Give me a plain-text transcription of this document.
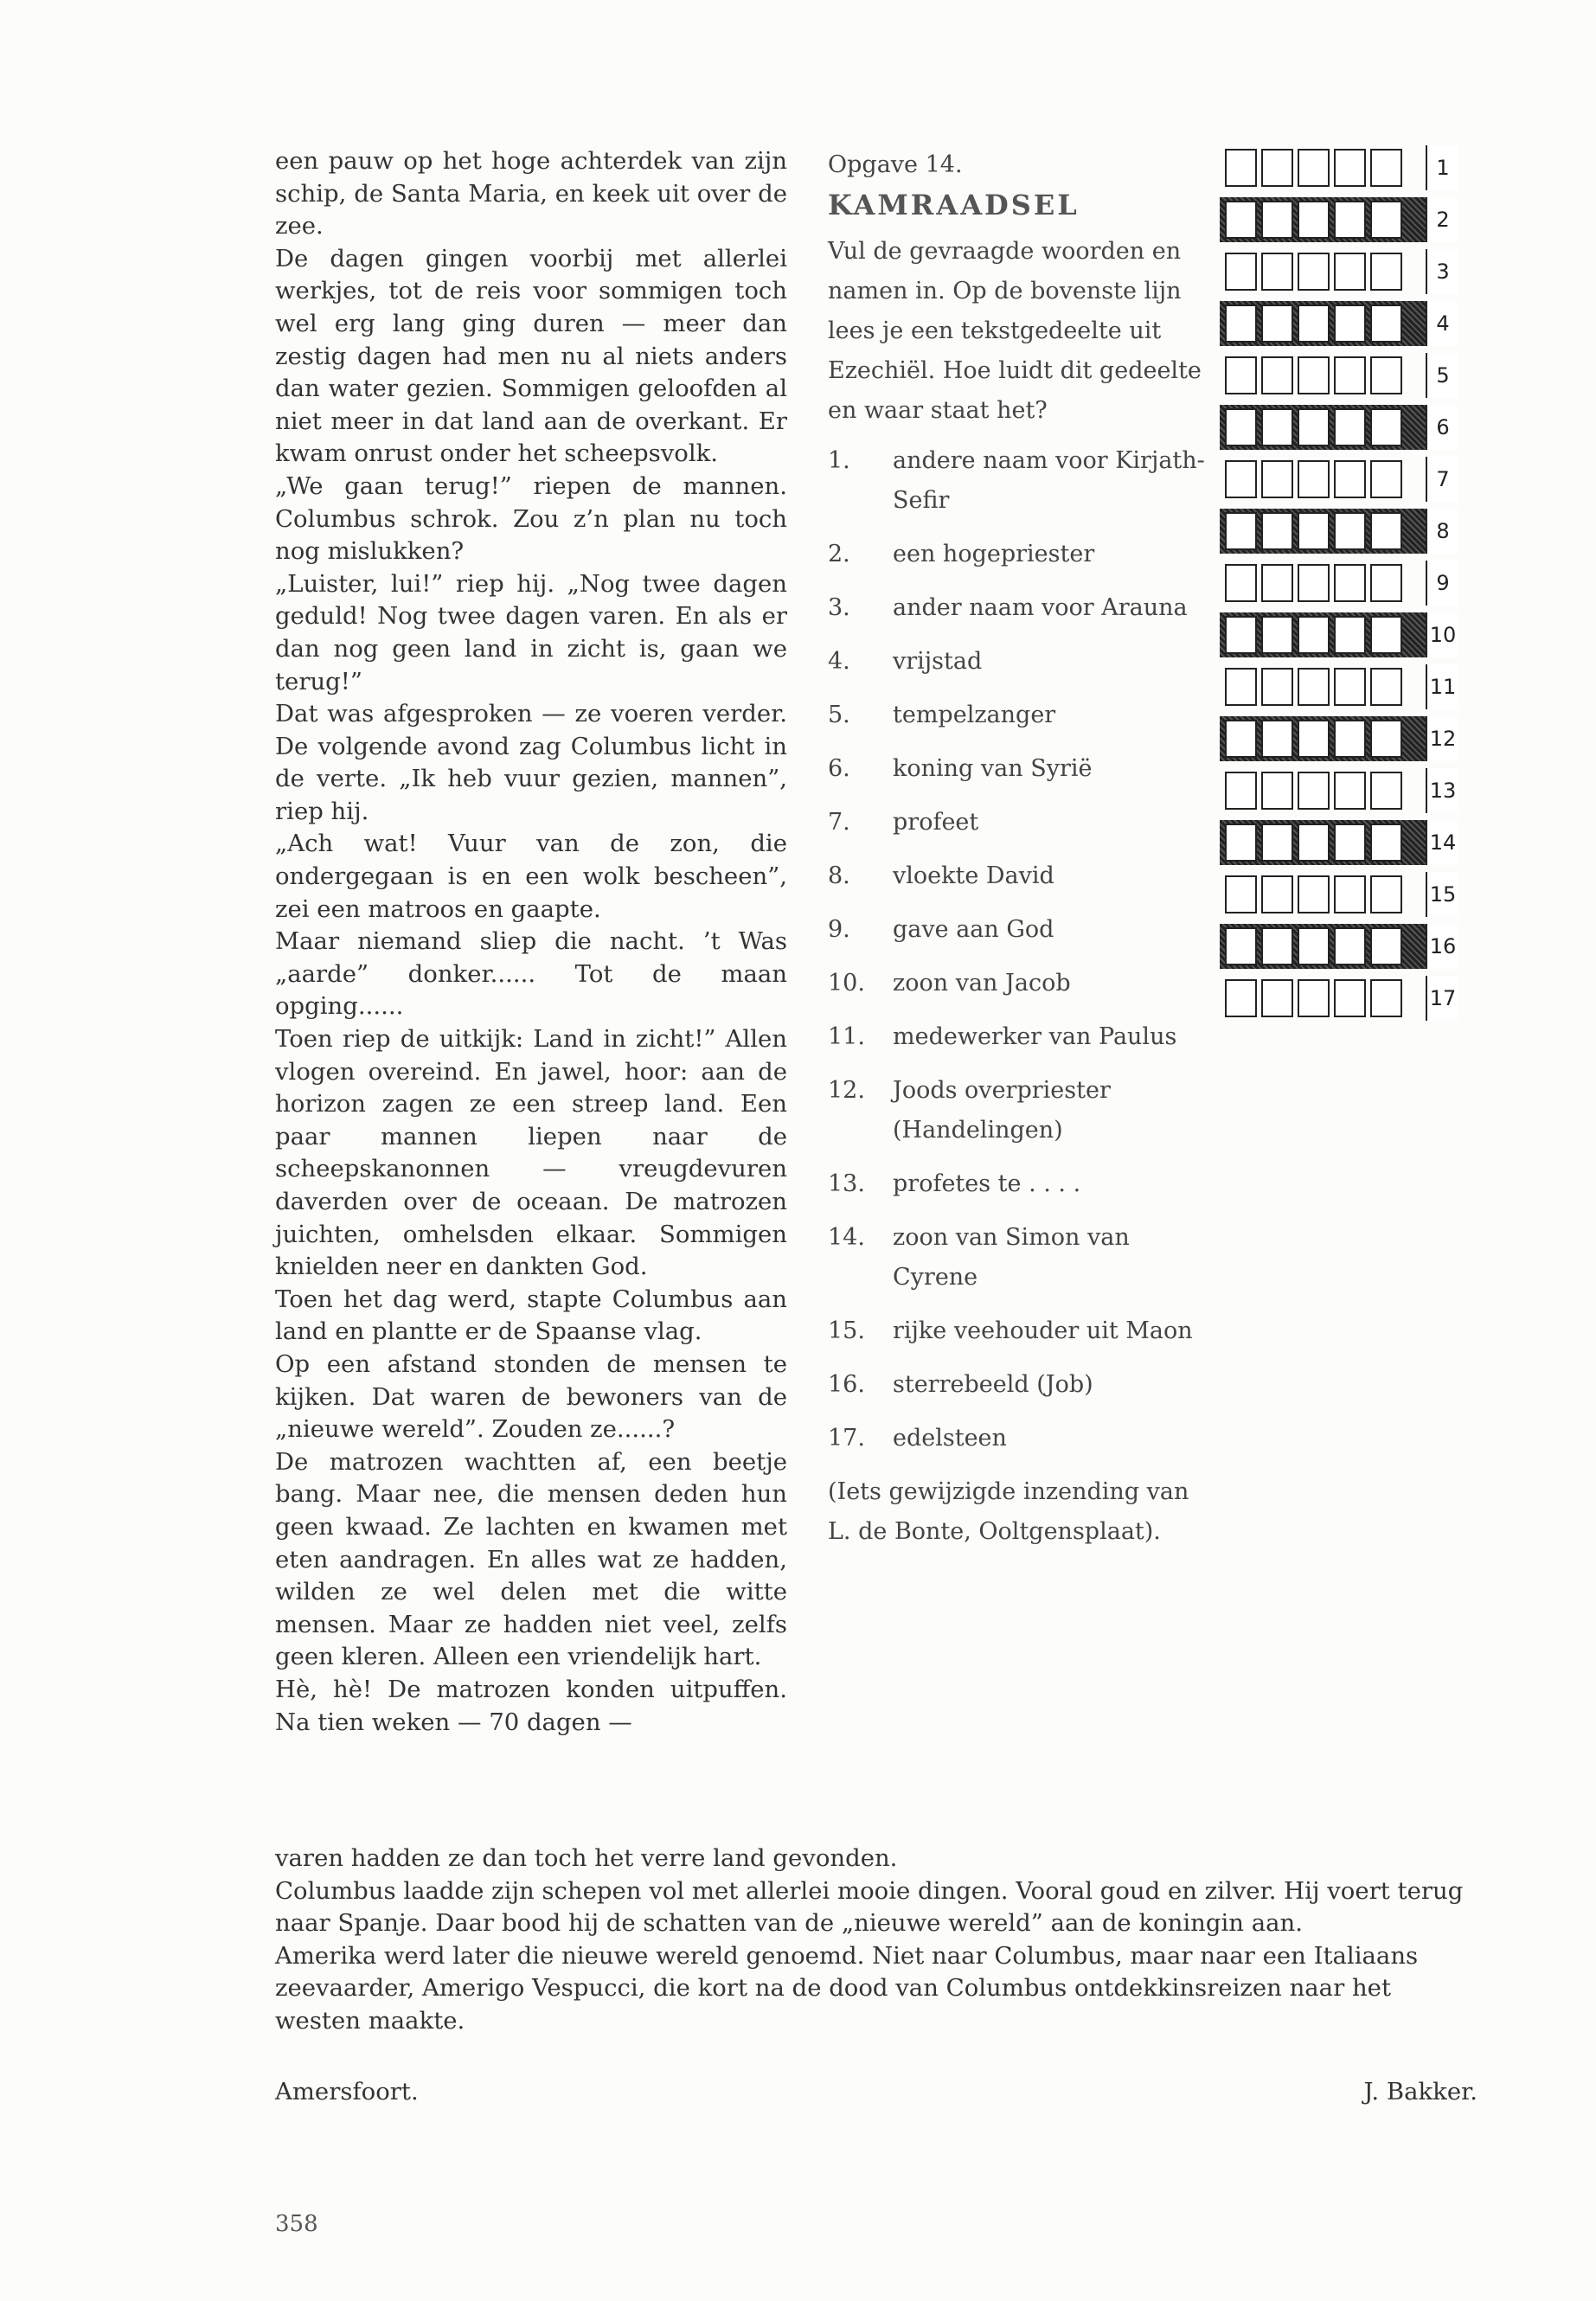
een pauw op het hoge achterdek van zijn schip, de Santa Maria, en keek uit over de zee.

De dagen gingen voorbij met allerlei werkjes, tot de reis voor sommigen toch wel erg lang ging duren — meer dan zestig dagen had men nu al niets anders dan water gezien. Sommigen geloofden al niet meer in dat land aan de overkant. Er kwam onrust onder het scheepsvolk.

„We gaan terug!” riepen de mannen. Columbus schrok. Zou z’n plan nu toch nog mislukken?

„Luister, lui!” riep hij. „Nog twee dagen geduld! Nog twee dagen varen. En als er dan nog geen land in zicht is, gaan we terug!”

Dat was afgesproken — ze voeren verder. De volgende avond zag Columbus licht in de verte. „Ik heb vuur gezien, mannen”, riep hij.

„Ach wat! Vuur van de zon, die ondergegaan is en een wolk bescheen”, zei een matroos en gaapte.

Maar niemand sliep die nacht. ’t Was „aarde” donker...... Tot de maan opging......

Toen riep de uitkijk: Land in zicht!” Allen vlogen overeind. En jawel, hoor: aan de horizon zagen ze een streep land. Een paar mannen liepen naar de scheepskanonnen — vreugdevuren daverden over de oceaan. De matrozen juichten, omhelsden elkaar. Sommigen knielden neer en dankten God.

Toen het dag werd, stapte Columbus aan land en plantte er de Spaanse vlag.

Op een afstand stonden de mensen te kijken. Dat waren de bewoners van de „nieuwe wereld”. Zouden ze......?

De matrozen wachtten af, een beetje bang. Maar nee, die mensen deden hun geen kwaad. Ze lachten en kwamen met eten aandragen. En alles wat ze hadden, wilden ze wel delen met die witte mensen. Maar ze hadden niet veel, zelfs geen kleren. Alleen een vriendelijk hart.

Hè, hè! De matrozen konden uitpuffen. Na tien weken — 70 dagen —

Opgave 14.
KAMRAADSEL
Vul de gevraagde woorden en namen in. Op de bovenste lijn lees je een tekstgedeelte uit Ezechiël. Hoe luidt dit gedeelte en waar staat het?
1.	andere naam voor Kirjath-Sefir
2.	een hogepriester
3.	ander naam voor Arauna
4.	vrijstad
5.	tempelzanger
6.	koning van Syrië
7.	profeet
8.	vloekte David
9.	gave aan God
10.	zoon van Jacob
11.	medewerker van Paulus
12.	Joods overpriester (Handelingen)
13.	profetes te . . . .
14.	zoon van Simon van Cyrene
15.	rijke veehouder uit Maon
16.	sterrebeeld (Job)
17.	edelsteen
(Iets gewijzigde inzending van L. de Bonte, Ooltgensplaat).
1
2
3
4
5
6
7
8
9
10
11
12
13
14
15
16
17

varen hadden ze dan toch het verre land gevonden.

Columbus laadde zijn schepen vol met allerlei mooie dingen. Vooral goud en zilver. Hij voert terug naar Spanje. Daar bood hij de schatten van de „nieuwe wereld” aan de koningin aan.

Amerika werd later die nieuwe wereld genoemd. Niet naar Columbus, maar naar een Italiaans zeevaarder, Amerigo Vespucci, die kort na de dood van Columbus ontdekkinsreizen naar het westen maakte.

Amersfoort.	J. Bakker.
358
